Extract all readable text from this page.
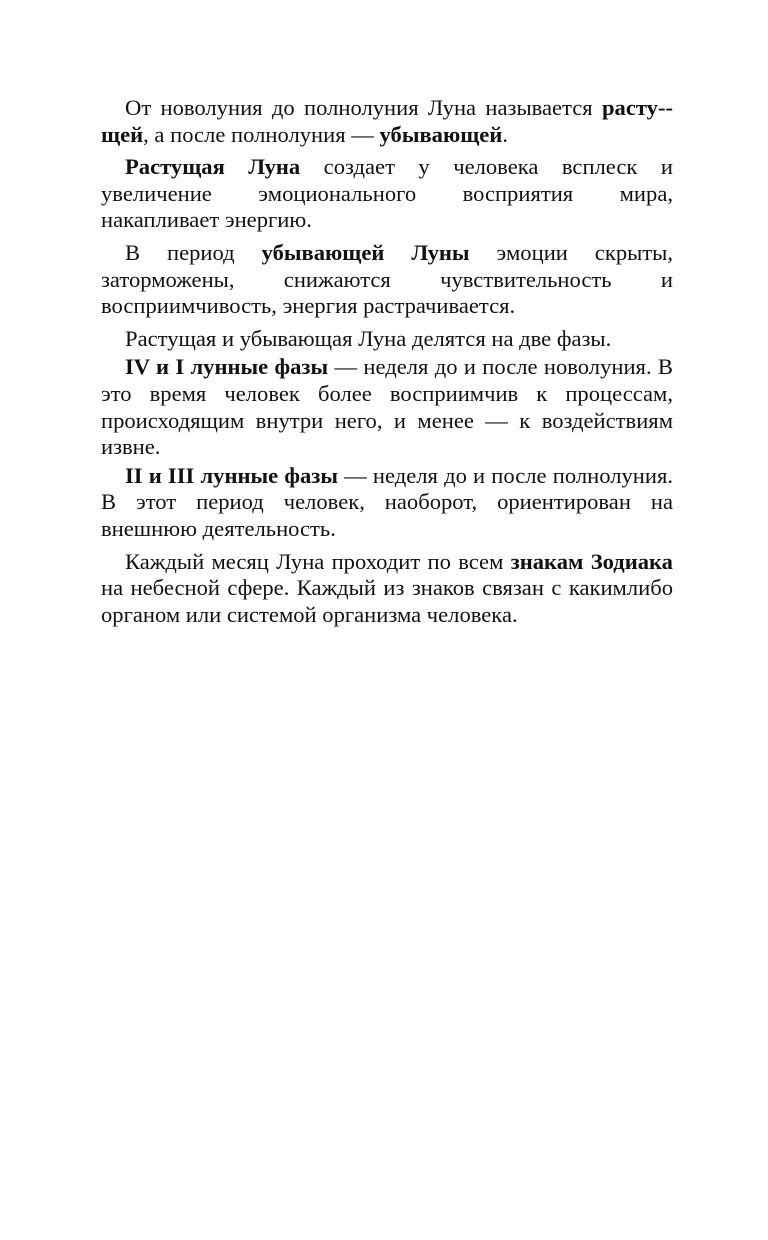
От новолуния до полнолуния Луна называется расту-щей, а после полнолуния — убывающей.

Растущая Луна создает у человека всплеск и увеличение эмоционального восприятия мира, накапливает энергию.

В период убывающей Луны эмоции скрыты, заторможены, снижаются чувствительность и восприимчивость, энергия растрачивается.

Растущая и убывающая Луна делятся на две фазы.

IV и I лунные фазы — неделя до и после новолуния. В это время человек более восприимчив к процессам, происходящим внутри него, и менее — к воздействиям извне.

II и III лунные фазы — неделя до и после полнолуния. В этот период человек, наоборот, ориентирован на внешнюю деятельность.

Каждый месяц Луна проходит по всем знакам Зодиака на небесной сфере. Каждый из знаков связан с какимлибо органом или системой организма человека.
